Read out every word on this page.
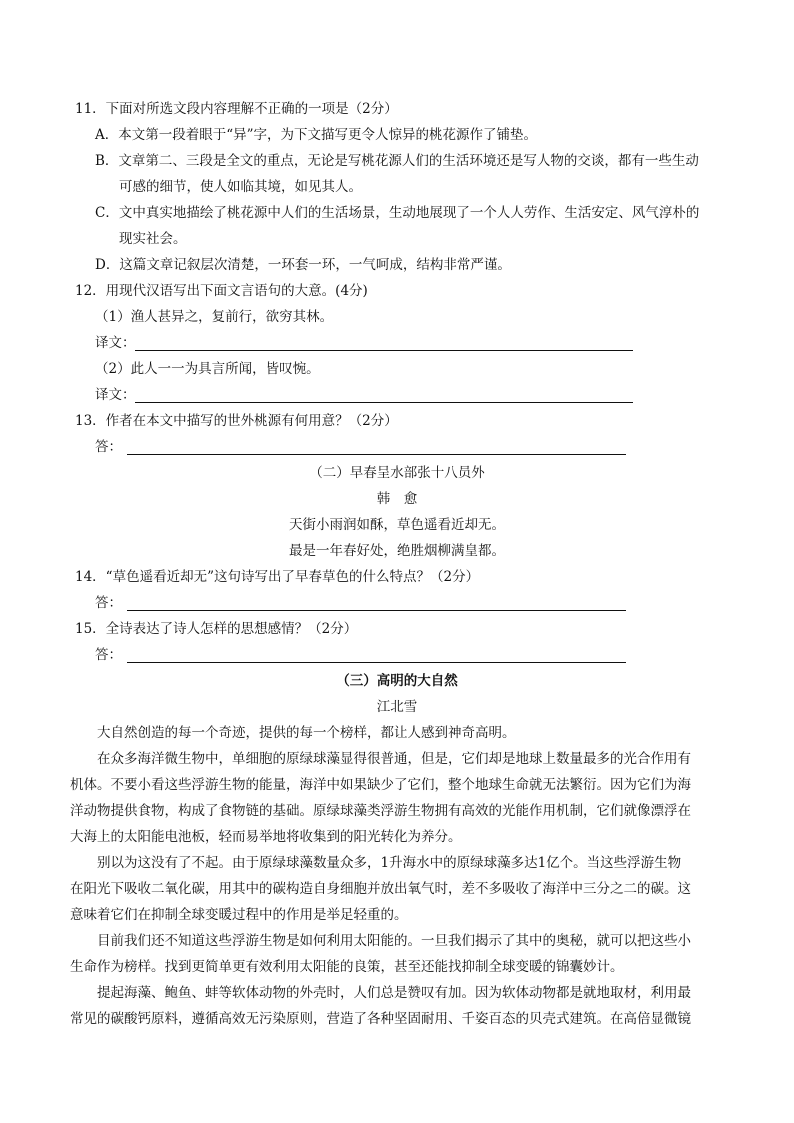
11．下面对所选文段内容理解不正确的一项是（2分）
A．本文第一段着眼于“异”字，为下文描写更令人惊异的桃花源作了铺垫。
B．文章第二、三段是全文的重点，无论是写桃花源人们的生活环境还是写人物的交谈，都有一些生动
可感的细节，使人如临其境，如见其人。
C．文中真实地描绘了桃花源中人们的生活场景，生动地展现了一个人人劳作、生活安定、风气淳朴的
现实社会。
D．这篇文章记叙层次清楚，一环套一环，一气呵成，结构非常严谨。
12．用现代汉语写出下面文言语句的大意。(4分)
（1）渔人甚异之，复前行，欲穷其林。
译文：
（2）此人一一为具言所闻，皆叹惋。
译文：
13．作者在本文中描写的世外桃源有何用意？（2分）
答：
（二）早春呈水部张十八员外
韩　愈
天街小雨润如酥，草色遥看近却无。
最是一年春好处，绝胜烟柳满皇都。
14．“草色遥看近却无”这句诗写出了早春草色的什么特点？（2分）
答：
15．全诗表达了诗人怎样的思想感情？（2分）
答：
（三）高明的大自然
江北雪
大自然创造的每一个奇迹，提供的每一个榜样，都让人感到神奇高明。
在众多海洋微生物中，单细胞的原绿球藻显得很普通，但是，它们却是地球上数量最多的光合作用有
机体。不要小看这些浮游生物的能量，海洋中如果缺少了它们，整个地球生命就无法繁衍。因为它们为海
洋动物提供食物，构成了食物链的基础。原绿球藻类浮游生物拥有高效的光能作用机制，它们就像漂浮在
大海上的太阳能电池板，轻而易举地将收集到的阳光转化为养分。
别以为这没有了不起。由于原绿球藻数量众多，1升海水中的原绿球藻多达1亿个。当这些浮游生物
在阳光下吸收二氧化碳，用其中的碳构造自身细胞并放出氧气时，差不多吸收了海洋中三分之二的碳。这
意味着它们在抑制全球变暖过程中的作用是举足轻重的。
目前我们还不知道这些浮游生物是如何利用太阳能的。一旦我们揭示了其中的奥秘，就可以把这些小
生命作为榜样。找到更简单更有效利用太阳能的良策，甚至还能找抑制全球变暖的锦囊妙计。
提起海藻、鲍鱼、蚌等软体动物的外壳时，人们总是赞叹有加。因为软体动物都是就地取材，利用最
常见的碳酸钙原料，遵循高效无污染原则，营造了各种坚固耐用、千姿百态的贝壳式建筑。在高倍显微镜
